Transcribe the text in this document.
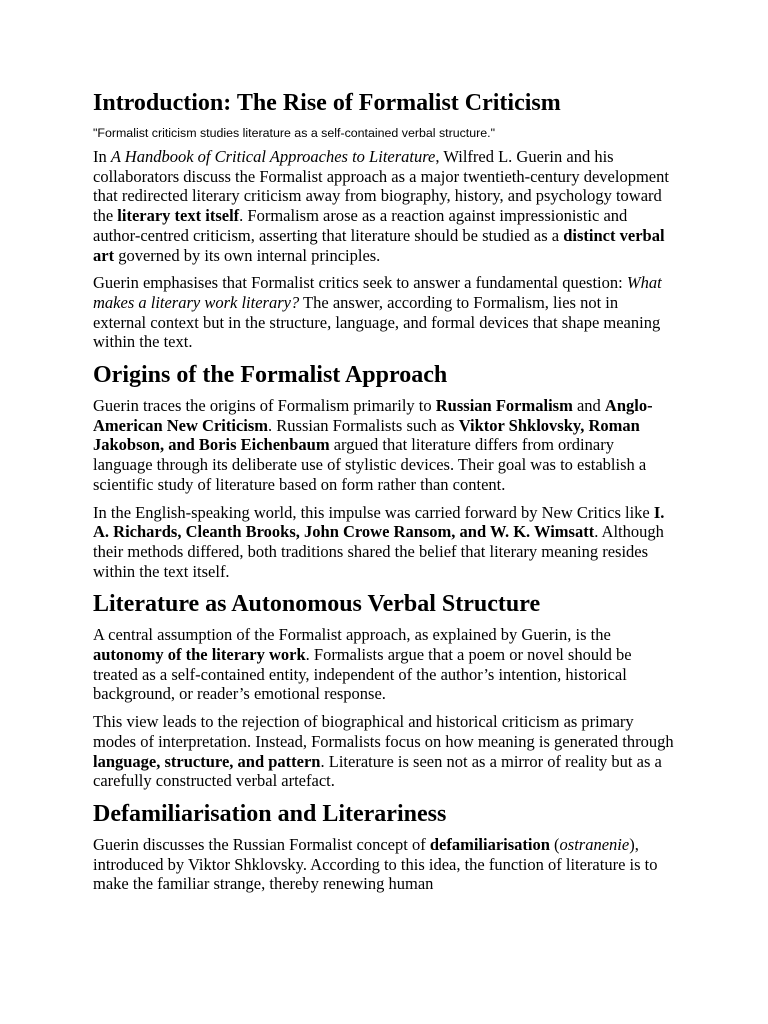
Introduction: The Rise of Formalist Criticism
"Formalist criticism studies literature as a self-contained verbal structure."

In A Handbook of Critical Approaches to Literature, Wilfred L. Guerin and his collaborators discuss the Formalist approach as a major twentieth-century development that redirected literary criticism away from biography, history, and psychology toward the literary text itself. Formalism arose as a reaction against impressionistic and author-centred criticism, asserting that literature should be studied as a distinct verbal art governed by its own internal principles.

Guerin emphasises that Formalist critics seek to answer a fundamental question: What makes a literary work literary? The answer, according to Formalism, lies not in external context but in the structure, language, and formal devices that shape meaning within the text.

Origins of the Formalist Approach

Guerin traces the origins of Formalism primarily to Russian Formalism and Anglo-American New Criticism. Russian Formalists such as Viktor Shklovsky, Roman Jakobson, and Boris Eichenbaum argued that literature differs from ordinary language through its deliberate use of stylistic devices. Their goal was to establish a scientific study of literature based on form rather than content.

In the English-speaking world, this impulse was carried forward by New Critics like I. A. Richards, Cleanth Brooks, John Crowe Ransom, and W. K. Wimsatt. Although their methods differed, both traditions shared the belief that literary meaning resides within the text itself.

Literature as Autonomous Verbal Structure

A central assumption of the Formalist approach, as explained by Guerin, is the autonomy of the literary work. Formalists argue that a poem or novel should be treated as a self-contained entity, independent of the author’s intention, historical background, or reader’s emotional response.

This view leads to the rejection of biographical and historical criticism as primary modes of interpretation. Instead, Formalists focus on how meaning is generated through language, structure, and pattern. Literature is seen not as a mirror of reality but as a carefully constructed verbal artefact.

Defamiliarisation and Literariness

Guerin discusses the Russian Formalist concept of defamiliarisation (ostranenie), introduced by Viktor Shklovsky. According to this idea, the function of literature is to make the familiar strange, thereby renewing human
